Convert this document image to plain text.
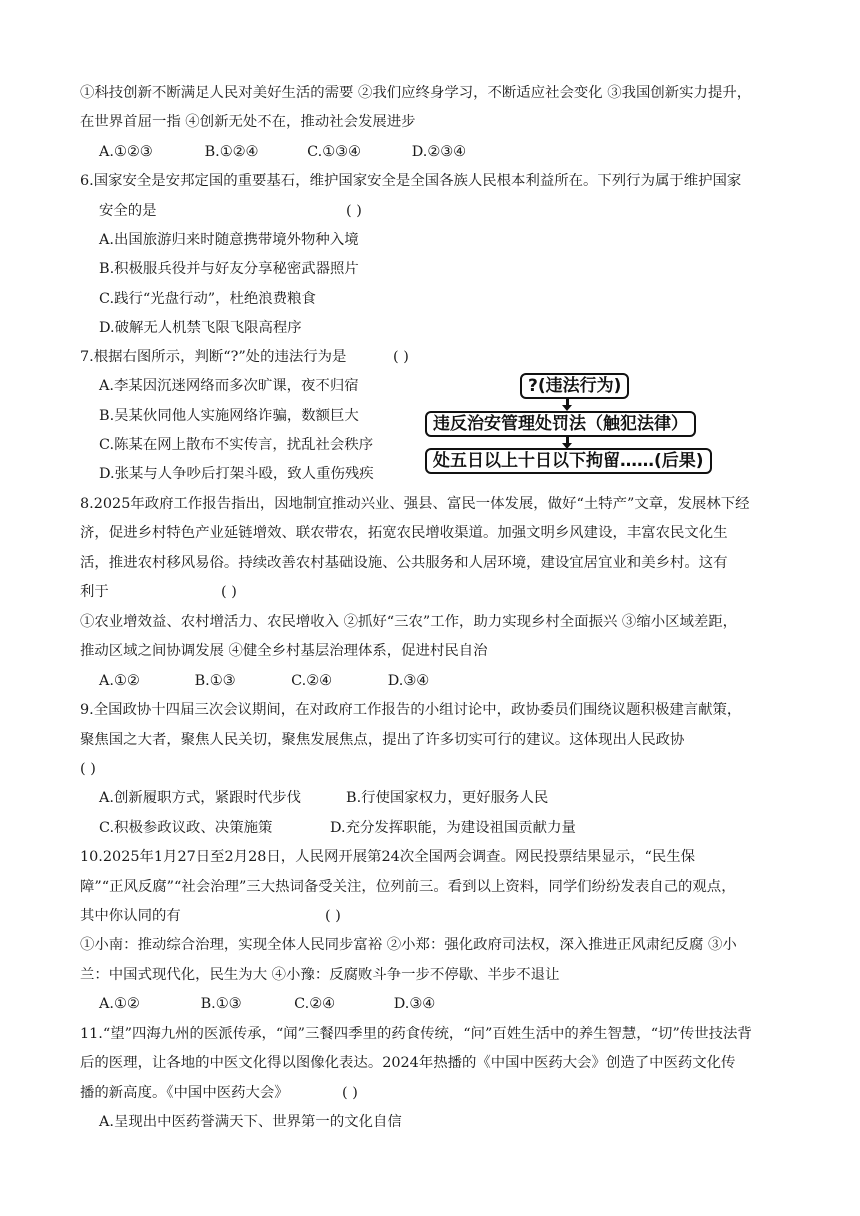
①科技创新不断满足人民对美好生活的需要 ②我们应终身学习，不断适应社会变化 ③我国创新实力提升，
在世界首屈一指 ④创新无处不在，推动社会发展进步
A.①②③	B.①②④	C.①③④	D.②③④
6.国家安全是安邦定国的重要基石，维护国家安全是全国各族人民根本利益所在。下列行为属于维护国家
安全的是	( )
A.出国旅游归来时随意携带境外物种入境
B.积极服兵役并与好友分享秘密武器照片
C.践行“光盘行动”，杜绝浪费粮食
D.破解无人机禁飞限飞限高程序
7.根据右图所示，判断“?”处的违法行为是	( )
A.李某因沉迷网络而多次旷课，夜不归宿
B.吴某伙同他人实施网络诈骗，数额巨大
C.陈某在网上散布不实传言，扰乱社会秩序
D.张某与人争吵后打架斗殴，致人重伤残疾
?(违法行为)
违反治安管理处罚法（触犯法律）
处五日以上十日以下拘留……(后果)
8.2025年政府工作报告指出，因地制宜推动兴业、强县、富民一体发展，做好“土特产”文章，发展林下经
济，促进乡村特色产业延链增效、联农带农，拓宽农民增收渠道。加强文明乡风建设，丰富农民文化生
活，推进农村移风易俗。持续改善农村基础设施、公共服务和人居环境，建设宜居宜业和美乡村。这有
利于	( )
①农业增效益、农村增活力、农民增收入 ②抓好“三农”工作，助力实现乡村全面振兴 ③缩小区域差距，
推动区域之间协调发展 ④健全乡村基层治理体系，促进村民自治
A.①②	B.①③	C.②④	D.③④
9.全国政协十四届三次会议期间，在对政府工作报告的小组讨论中，政协委员们围绕议题积极建言献策，
聚焦国之大者，聚焦人民关切，聚焦发展焦点，提出了许多切实可行的建议。这体现出人民政协
( )
A.创新履职方式，紧跟时代步伐	B.行使国家权力，更好服务人民
C.积极参政议政、决策施策	D.充分发挥职能，为建设祖国贡献力量
10.2025年1月27日至2月28日，人民网开展第24次全国两会调查。网民投票结果显示，“民生保
障”“正风反腐”“社会治理”三大热词备受关注，位列前三。看到以上资料，同学们纷纷发表自己的观点，
其中你认同的有	( )
①小南：推动综合治理，实现全体人民同步富裕 ②小郑：强化政府司法权，深入推进正风肃纪反腐 ③小
兰：中国式现代化，民生为大 ④小豫：反腐败斗争一步不停歇、半步不退让
A.①②	B.①③	C.②④	D.③④
11.“望”四海九州的医派传承，“闻”三餐四季里的药食传统，“问”百姓生活中的养生智慧，“切”传世技法背
后的医理，让各地的中医文化得以图像化表达。2024年热播的《中国中医药大会》创造了中医药文化传
播的新高度。《中国中医药大会》	( )
A.呈现出中医药誉满天下、世界第一的文化自信
